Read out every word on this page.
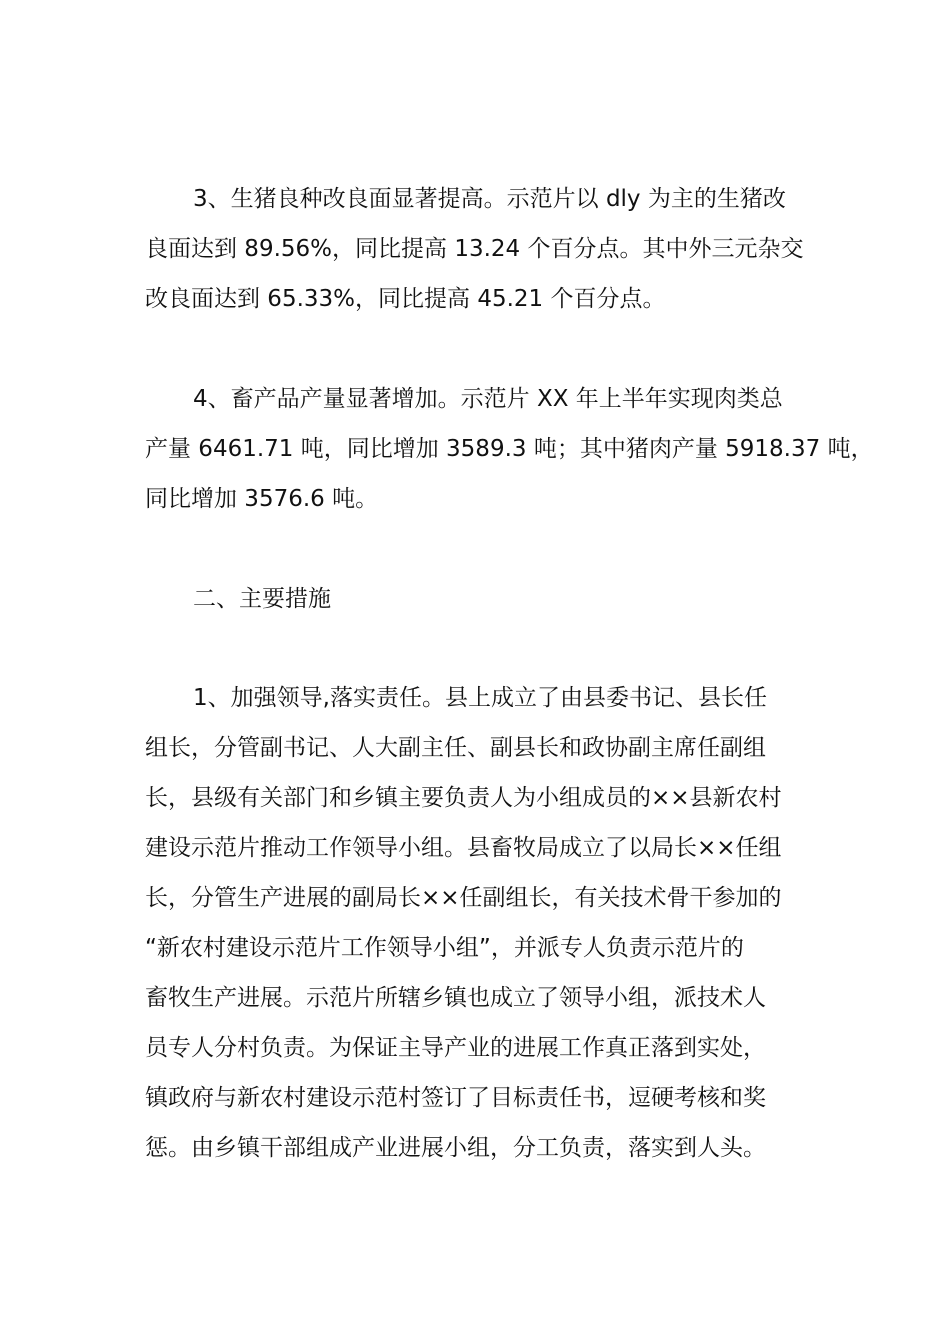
3、生猪良种改良面显著提高。示范片以 dly 为主的生猪改

良面达到 89.56%，同比提高 13.24 个百分点。其中外三元杂交

改良面达到 65.33%，同比提高 45.21 个百分点。

4、畜产品产量显著增加。示范片 XX 年上半年实现肉类总

产量 6461.71 吨，同比增加 3589.3 吨；其中猪肉产量 5918.37 吨，

同比增加 3576.6 吨。

二、主要措施

1、加强领导,落实责任。县上成立了由县委书记、县长任

组长，分管副书记、人大副主任、副县长和政协副主席任副组

长，县级有关部门和乡镇主要负责人为小组成员的××县新农村

建设示范片推动工作领导小组。县畜牧局成立了以局长××任组

长，分管生产进展的副局长××任副组长，有关技术骨干参加的

“新农村建设示范片工作领导小组”，并派专人负责示范片的

畜牧生产进展。示范片所辖乡镇也成立了领导小组，派技术人

员专人分村负责。为保证主导产业的进展工作真正落到实处，

镇政府与新农村建设示范村签订了目标责任书，逗硬考核和奖

惩。由乡镇干部组成产业进展小组，分工负责，落实到人头。
